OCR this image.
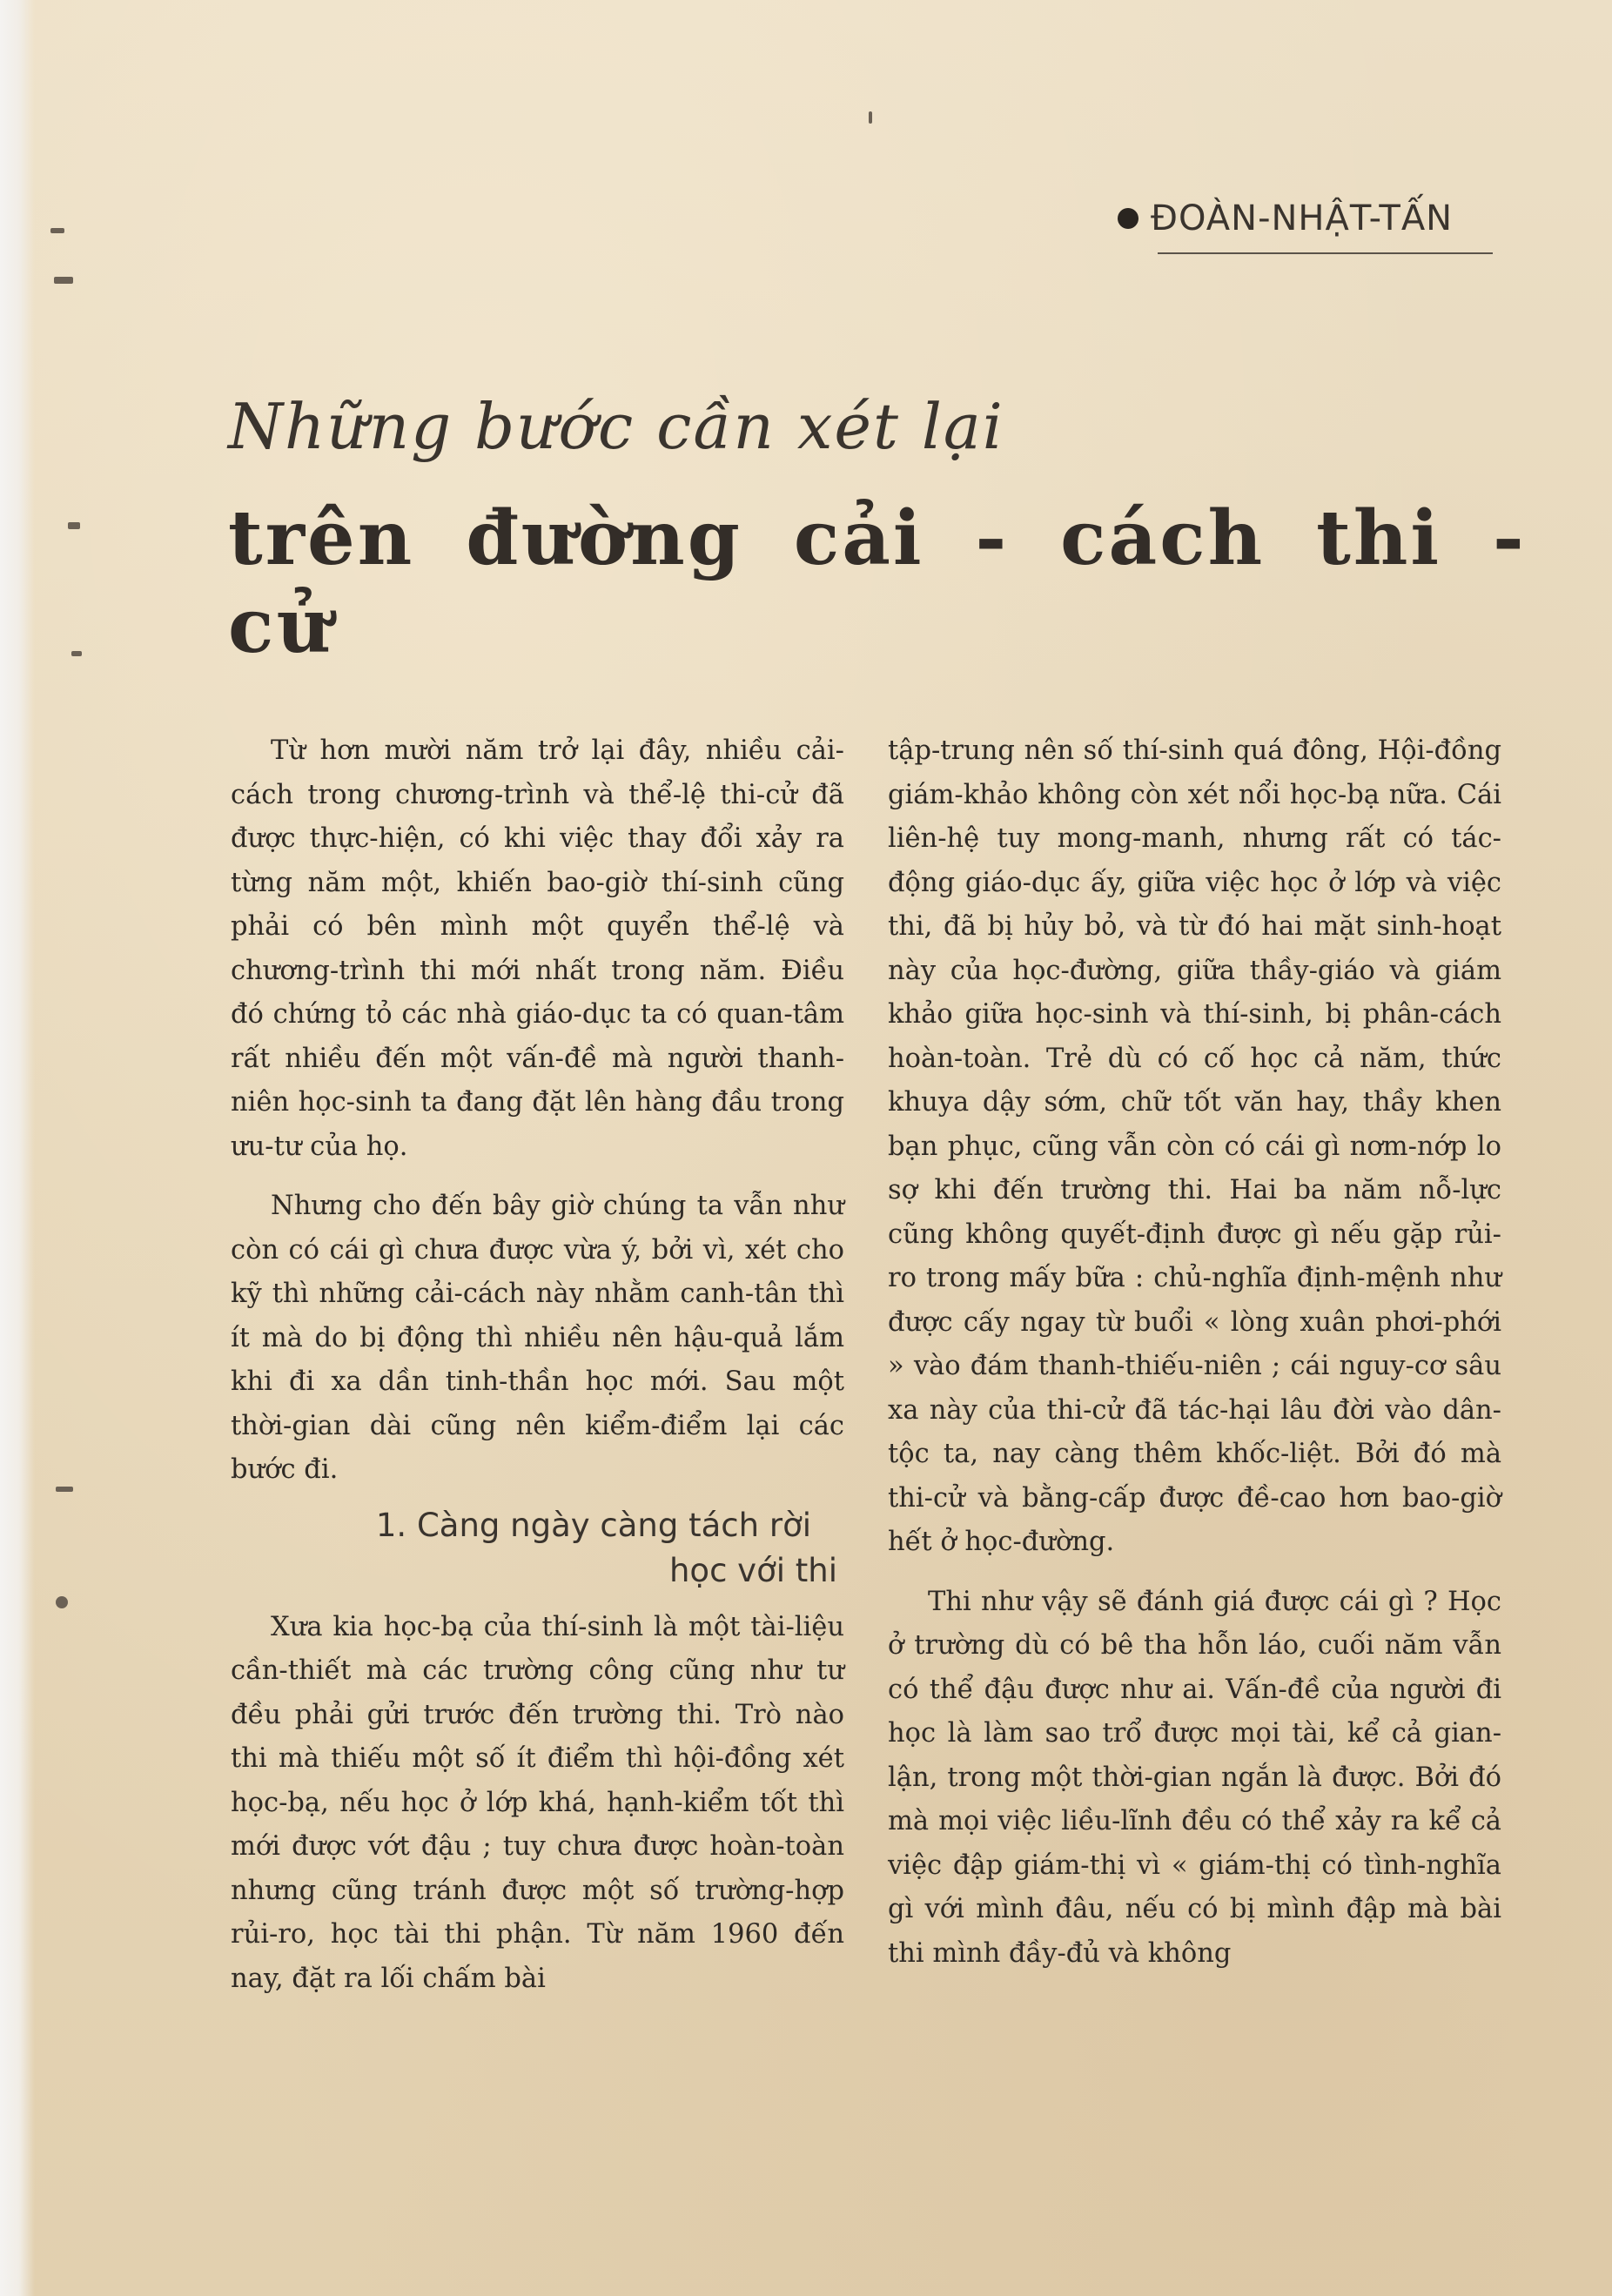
ĐOÀN-NHẬT-TẤN
Những bước cần xét lại
trên đường cải - cách thi - cử

Từ hơn mười năm trở lại đây, nhiều cải-cách trong chương-trình và thể-lệ thi-cử đã được thực-hiện, có khi việc thay đổi xảy ra từng năm một, khiến bao-giờ thí-sinh cũng phải có bên mình một quyển thể-lệ và chương-trình thi mới nhất trong năm. Điều đó chứng tỏ các nhà giáo-dục ta có quan-tâm rất nhiều đến một vấn-đề mà người thanh-niên học-sinh ta đang đặt lên hàng đầu trong ưu-tư của họ.

Nhưng cho đến bây giờ chúng ta vẫn như còn có cái gì chưa được vừa ý, bởi vì, xét cho kỹ thì những cải-cách này nhằm canh-tân thì ít mà do bị động thì nhiều nên hậu-quả lắm khi đi xa dần tinh-thần học mới. Sau một thời-gian dài cũng nên kiểm-điểm lại các bước đi.

1. Càng ngày càng tách rời
học với thi

Xưa kia học-bạ của thí-sinh là một tài-liệu cần-thiết mà các trường công cũng như tư đều phải gửi trước đến trường thi. Trò nào thi mà thiếu một số ít điểm thì hội-đồng xét học-bạ, nếu học ở lớp khá, hạnh-kiểm tốt thì mới được vớt đậu ; tuy chưa được hoàn-toàn nhưng cũng tránh được một số trường-hợp rủi-ro, học tài thi phận. Từ năm 1960 đến nay, đặt ra lối chấm bài

tập-trung nên số thí-sinh quá đông, Hội-đồng giám-khảo không còn xét nổi học-bạ nữa. Cái liên-hệ tuy mong-manh, nhưng rất có tác-động giáo-dục ấy, giữa việc học ở lớp và việc thi, đã bị hủy bỏ, và từ đó hai mặt sinh-hoạt này của học-đường, giữa thầy-giáo và giám khảo giữa học-sinh và thí-sinh, bị phân-cách hoàn-toàn. Trẻ dù có cố học cả năm, thức khuya dậy sớm, chữ tốt văn hay, thầy khen bạn phục, cũng vẫn còn có cái gì nơm-nớp lo sợ khi đến trường thi. Hai ba năm nỗ-lực cũng không quyết-định được gì nếu gặp rủi-ro trong mấy bữa : chủ-nghĩa định-mệnh như được cấy ngay từ buổi « lòng xuân phơi-phới » vào đám thanh-thiếu-niên ; cái nguy-cơ sâu xa này của thi-cử đã tác-hại lâu đời vào dân-tộc ta, nay càng thêm khốc-liệt. Bởi đó mà thi-cử và bằng-cấp được đề-cao hơn bao-giờ hết ở học-đường.

Thi như vậy sẽ đánh giá được cái gì ? Học ở trường dù có bê tha hỗn láo, cuối năm vẫn có thể đậu được như ai. Vấn-đề của người đi học là làm sao trổ được mọi tài, kể cả gian-lận, trong một thời-gian ngắn là được. Bởi đó mà mọi việc liều-lĩnh đều có thể xảy ra kể cả việc đập giám-thị vì « giám-thị có tình-nghĩa gì với mình đâu, nếu có bị mình đập mà bài thi mình đầy-đủ và không
